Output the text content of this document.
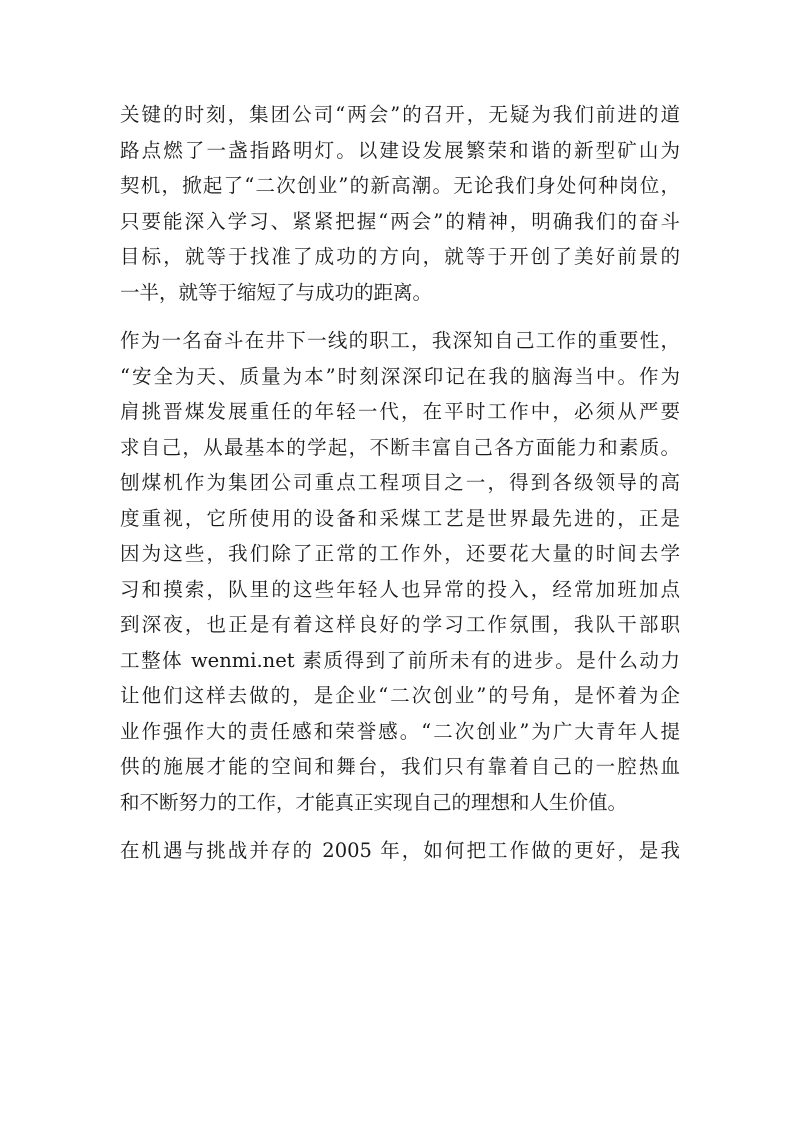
关键的时刻，集团公司“两会”的召开，无疑为我们前进的道
路点燃了一盏指路明灯。以建设发展繁荣和谐的新型矿山为
契机，掀起了“二次创业”的新高潮。无论我们身处何种岗位，
只要能深入学习、紧紧把握“两会”的精神，明确我们的奋斗
目标，就等于找准了成功的方向，就等于开创了美好前景的
一半，就等于缩短了与成功的距离。

作为一名奋斗在井下一线的职工，我深知自己工作的重要性，
“安全为天、质量为本”时刻深深印记在我的脑海当中。作为
肩挑晋煤发展重任的年轻一代，在平时工作中，必须从严要
求自己，从最基本的学起，不断丰富自己各方面能力和素质。
刨煤机作为集团公司重点工程项目之一，得到各级领导的高
度重视，它所使用的设备和采煤工艺是世界最先进的，正是
因为这些，我们除了正常的工作外，还要花大量的时间去学
习和摸索，队里的这些年轻人也异常的投入，经常加班加点
到深夜，也正是有着这样良好的学习工作氛围，我队干部职
工整体 wenmi.net 素质得到了前所未有的进步。是什么动力
让他们这样去做的，是企业“二次创业”的号角，是怀着为企
业作强作大的责任感和荣誉感。“二次创业”为广大青年人提
供的施展才能的空间和舞台，我们只有靠着自己的一腔热血
和不断努力的工作，才能真正实现自己的理想和人生价值。

在机遇与挑战并存的 2005 年，如何把工作做的更好，是我
